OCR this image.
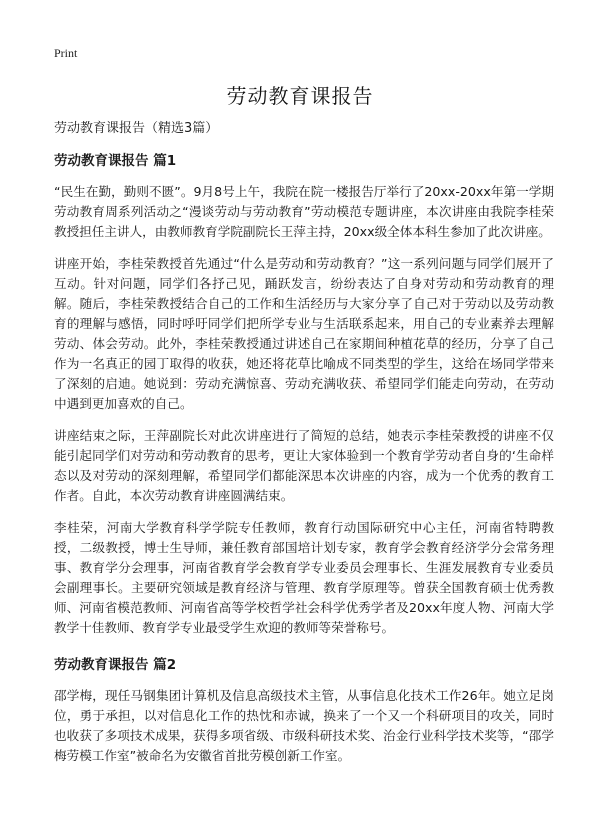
Print
劳动教育课报告

劳动教育课报告（精选3篇）

劳动教育课报告 篇1

“民生在勤，勤则不匮”。9月8号上午，我院在院一楼报告厅举行了20xx-20xx年第一学期劳动教育周系列活动之“漫谈劳动与劳动教育”劳动模范专题讲座，本次讲座由我院李桂荣教授担任主讲人，由教师教育学院副院长王萍主持，20xx级全体本科生参加了此次讲座。

讲座开始，李桂荣教授首先通过“什么是劳动和劳动教育？”这一系列问题与同学们展开了互动。针对问题，同学们各抒己见，踊跃发言，纷纷表达了自身对劳动和劳动教育的理解。随后，李桂荣教授结合自己的工作和生活经历与大家分享了自己对于劳动以及劳动教育的理解与感悟，同时呼吁同学们把所学专业与生活联系起来，用自己的专业素养去理解劳动、体会劳动。此外，李桂荣教授通过讲述自己在家期间种植花草的经历，分享了自己作为一名真正的园丁取得的收获，她还将花草比喻成不同类型的学生，这给在场同学带来了深刻的启迪。她说到：劳动充满惊喜、劳动充满收获、希望同学们能走向劳动，在劳动中遇到更加喜欢的自己。

讲座结束之际，王萍副院长对此次讲座进行了简短的总结，她表示李桂荣教授的讲座不仅能引起同学们对劳动和劳动教育的思考，更让大家体验到一个教育学劳动者自身的‘生命样态以及对劳动的深刻理解，希望同学们都能深思本次讲座的内容，成为一个优秀的教育工作者。自此，本次劳动教育讲座圆满结束。

李桂荣，河南大学教育科学学院专任教师，教育行动国际研究中心主任，河南省特聘教授，二级教授，博士生导师，兼任教育部国培计划专家，教育学会教育经济学分会常务理事、教育学分会理事，河南省教育学会教育学专业委员会理事长、生涯发展教育专业委员会副理事长。主要研究领域是教育经济与管理、教育学原理等。曾获全国教育硕士优秀教师、河南省模范教师、河南省高等学校哲学社会科学优秀学者及20xx年度人物、河南大学教学十佳教师、教育学专业最受学生欢迎的教师等荣誉称号。

劳动教育课报告 篇2

邵学梅，现任马钢集团计算机及信息高级技术主管，从事信息化技术工作26年。她立足岗位，勇于承担，以对信息化工作的热忱和赤诚，换来了一个又一个科研项目的攻关，同时也收获了多项技术成果，获得多项省级、市级科研技术奖、治金行业科学技术奖等，“邵学梅劳模工作室”被命名为安徽省首批劳模创新工作室。
